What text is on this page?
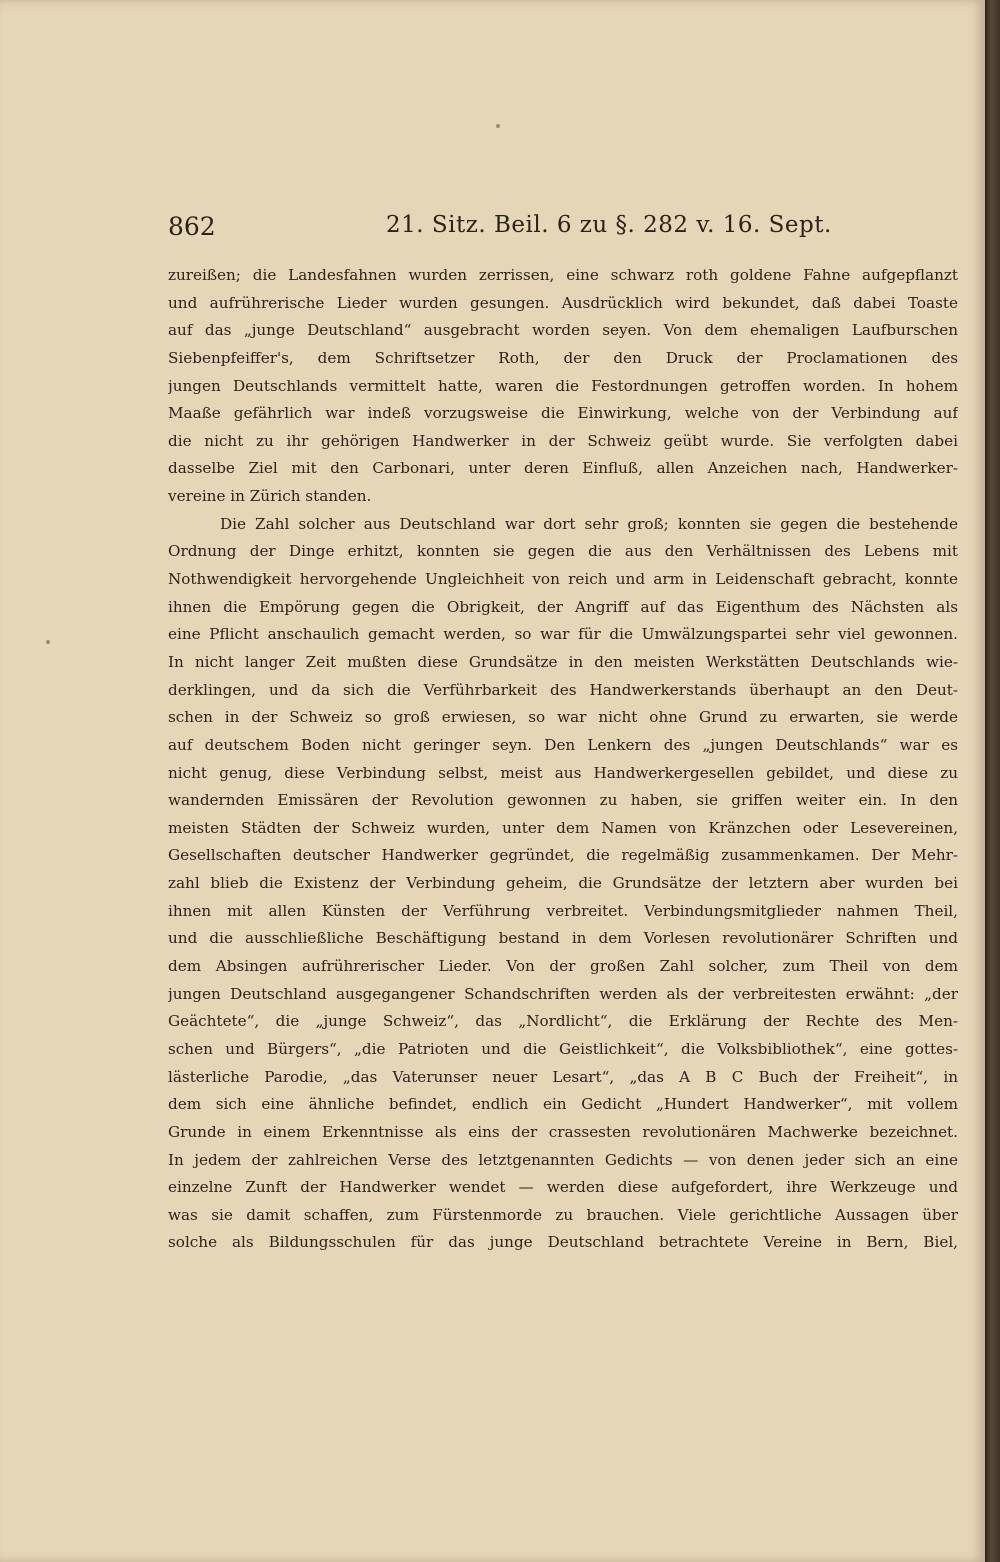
862	21. Sitz. Beil. 6 zu §. 282 v. 16. Sept.
zureißen; die Landesfahnen wurden zerrissen, eine schwarz roth goldene Fahne aufgepflanzt
und aufrührerische Lieder wurden gesungen. Ausdrücklich wird bekundet, daß dabei Toaste
auf das „junge Deutschland“ ausgebracht worden seyen. Von dem ehemaligen Laufburschen
Siebenpfeiffer's, dem Schriftsetzer Roth, der den Druck der Proclamationen des
jungen Deutschlands vermittelt hatte, waren die Festordnungen getroffen worden. In hohem
Maaße gefährlich war indeß vorzugsweise die Einwirkung, welche von der Verbindung auf
die nicht zu ihr gehörigen Handwerker in der Schweiz geübt wurde. Sie verfolgten dabei
dasselbe Ziel mit den Carbonari, unter deren Einfluß, allen Anzeichen nach, Handwerker-
vereine in Zürich standen.
Die Zahl solcher aus Deutschland war dort sehr groß; konnten sie gegen die bestehende
Ordnung der Dinge erhitzt, konnten sie gegen die aus den Verhältnissen des Lebens mit
Nothwendigkeit hervorgehende Ungleichheit von reich und arm in Leidenschaft gebracht, konnte
ihnen die Empörung gegen die Obrigkeit, der Angriff auf das Eigenthum des Nächsten als
eine Pflicht anschaulich gemacht werden, so war für die Umwälzungspartei sehr viel gewonnen.
In nicht langer Zeit mußten diese Grundsätze in den meisten Werkstätten Deutschlands wie-
derklingen, und da sich die Verführbarkeit des Handwerkerstands überhaupt an den Deut-
schen in der Schweiz so groß erwiesen, so war nicht ohne Grund zu erwarten, sie werde
auf deutschem Boden nicht geringer seyn. Den Lenkern des „jungen Deutschlands“ war es
nicht genug, diese Verbindung selbst, meist aus Handwerkergesellen gebildet, und diese zu
wandernden Emissären der Revolution gewonnen zu haben, sie griffen weiter ein. In den
meisten Städten der Schweiz wurden, unter dem Namen von Kränzchen oder Lesevereinen,
Gesellschaften deutscher Handwerker gegründet, die regelmäßig zusammenkamen. Der Mehr-
zahl blieb die Existenz der Verbindung geheim, die Grundsätze der letztern aber wurden bei
ihnen mit allen Künsten der Verführung verbreitet. Verbindungsmitglieder nahmen Theil,
und die ausschließliche Beschäftigung bestand in dem Vorlesen revolutionärer Schriften und
dem Absingen aufrührerischer Lieder. Von der großen Zahl solcher, zum Theil von dem
jungen Deutschland ausgegangener Schandschriften werden als der verbreitesten erwähnt: „der
Geächtete“, die „junge Schweiz“, das „Nordlicht“, die Erklärung der Rechte des Men-
schen und Bürgers“, „die Patrioten und die Geistlichkeit“, die Volksbibliothek“, eine gottes-
lästerliche Parodie, „das Vaterunser neuer Lesart“, „das A B C Buch der Freiheit“, in
dem sich eine ähnliche befindet, endlich ein Gedicht „Hundert Handwerker“, mit vollem
Grunde in einem Erkenntnisse als eins der crassesten revolutionären Machwerke bezeichnet.
In jedem der zahlreichen Verse des letztgenannten Gedichts — von denen jeder sich an eine
einzelne Zunft der Handwerker wendet — werden diese aufgefordert, ihre Werkzeuge und
was sie damit schaffen, zum Fürstenmorde zu brauchen. Viele gerichtliche Aussagen über
solche als Bildungsschulen für das junge Deutschland betrachtete Vereine in Bern, Biel,
